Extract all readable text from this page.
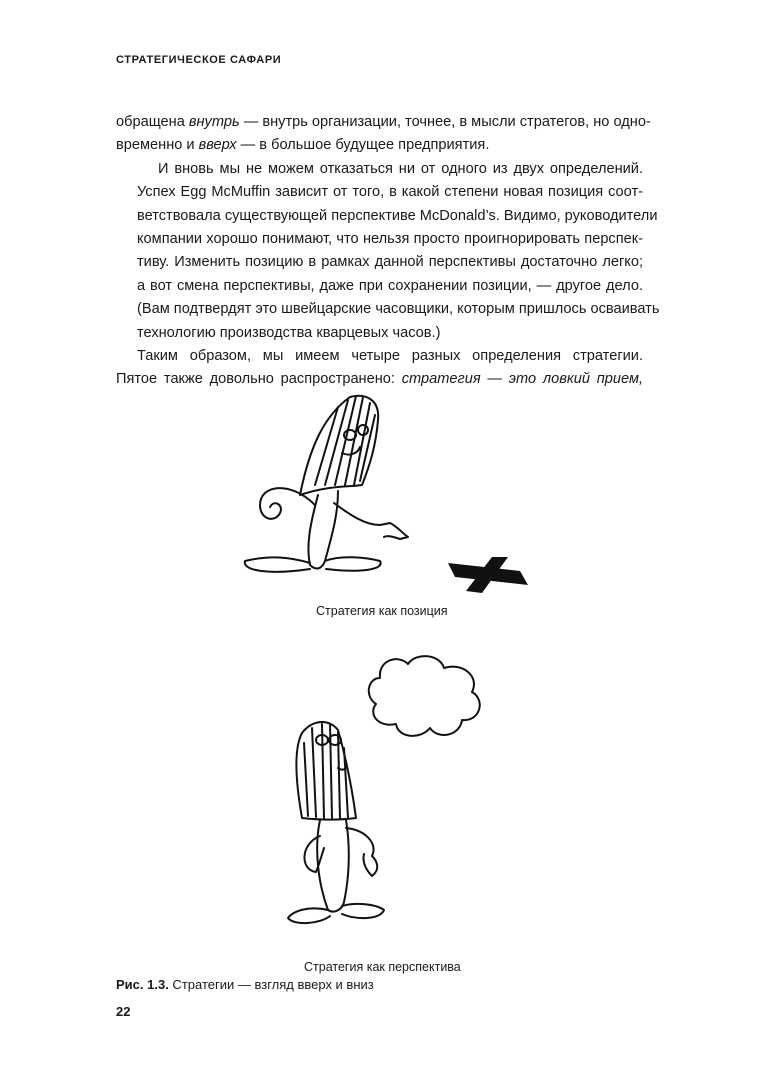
СТРАТЕГИЧЕСКОЕ САФАРИ

обращена внутрь — внутрь организации, точнее, в мысли стратегов, но одно-
временно и вверх — в большое будущее предприятия.

И вновь мы не можем отказаться ни от одного из двух определений.
Успех Egg McMuffin зависит от того, в какой степени новая позиция соот-
ветствовала существующей перспективе McDonald’s. Видимо, руководители
компании хорошо понимают, что нельзя просто проигнорировать перспек-
тиву. Изменить позицию в рамках данной перспективы достаточно легко;
а вот смена перспективы, даже при сохранении позиции, — другое дело.
(Вам подтвердят это швейцарские часовщики, которым пришлось осваивать
технологию производства кварцевых часов.)

Таким образом, мы имеем четыре разных определения стратегии.
Пятое также довольно распространено: стратегия — это ловкий прием,

Стратегия как позиция
Стратегия как перспектива
Рис. 1.3. Стратегии — взгляд вверх и вниз
22
